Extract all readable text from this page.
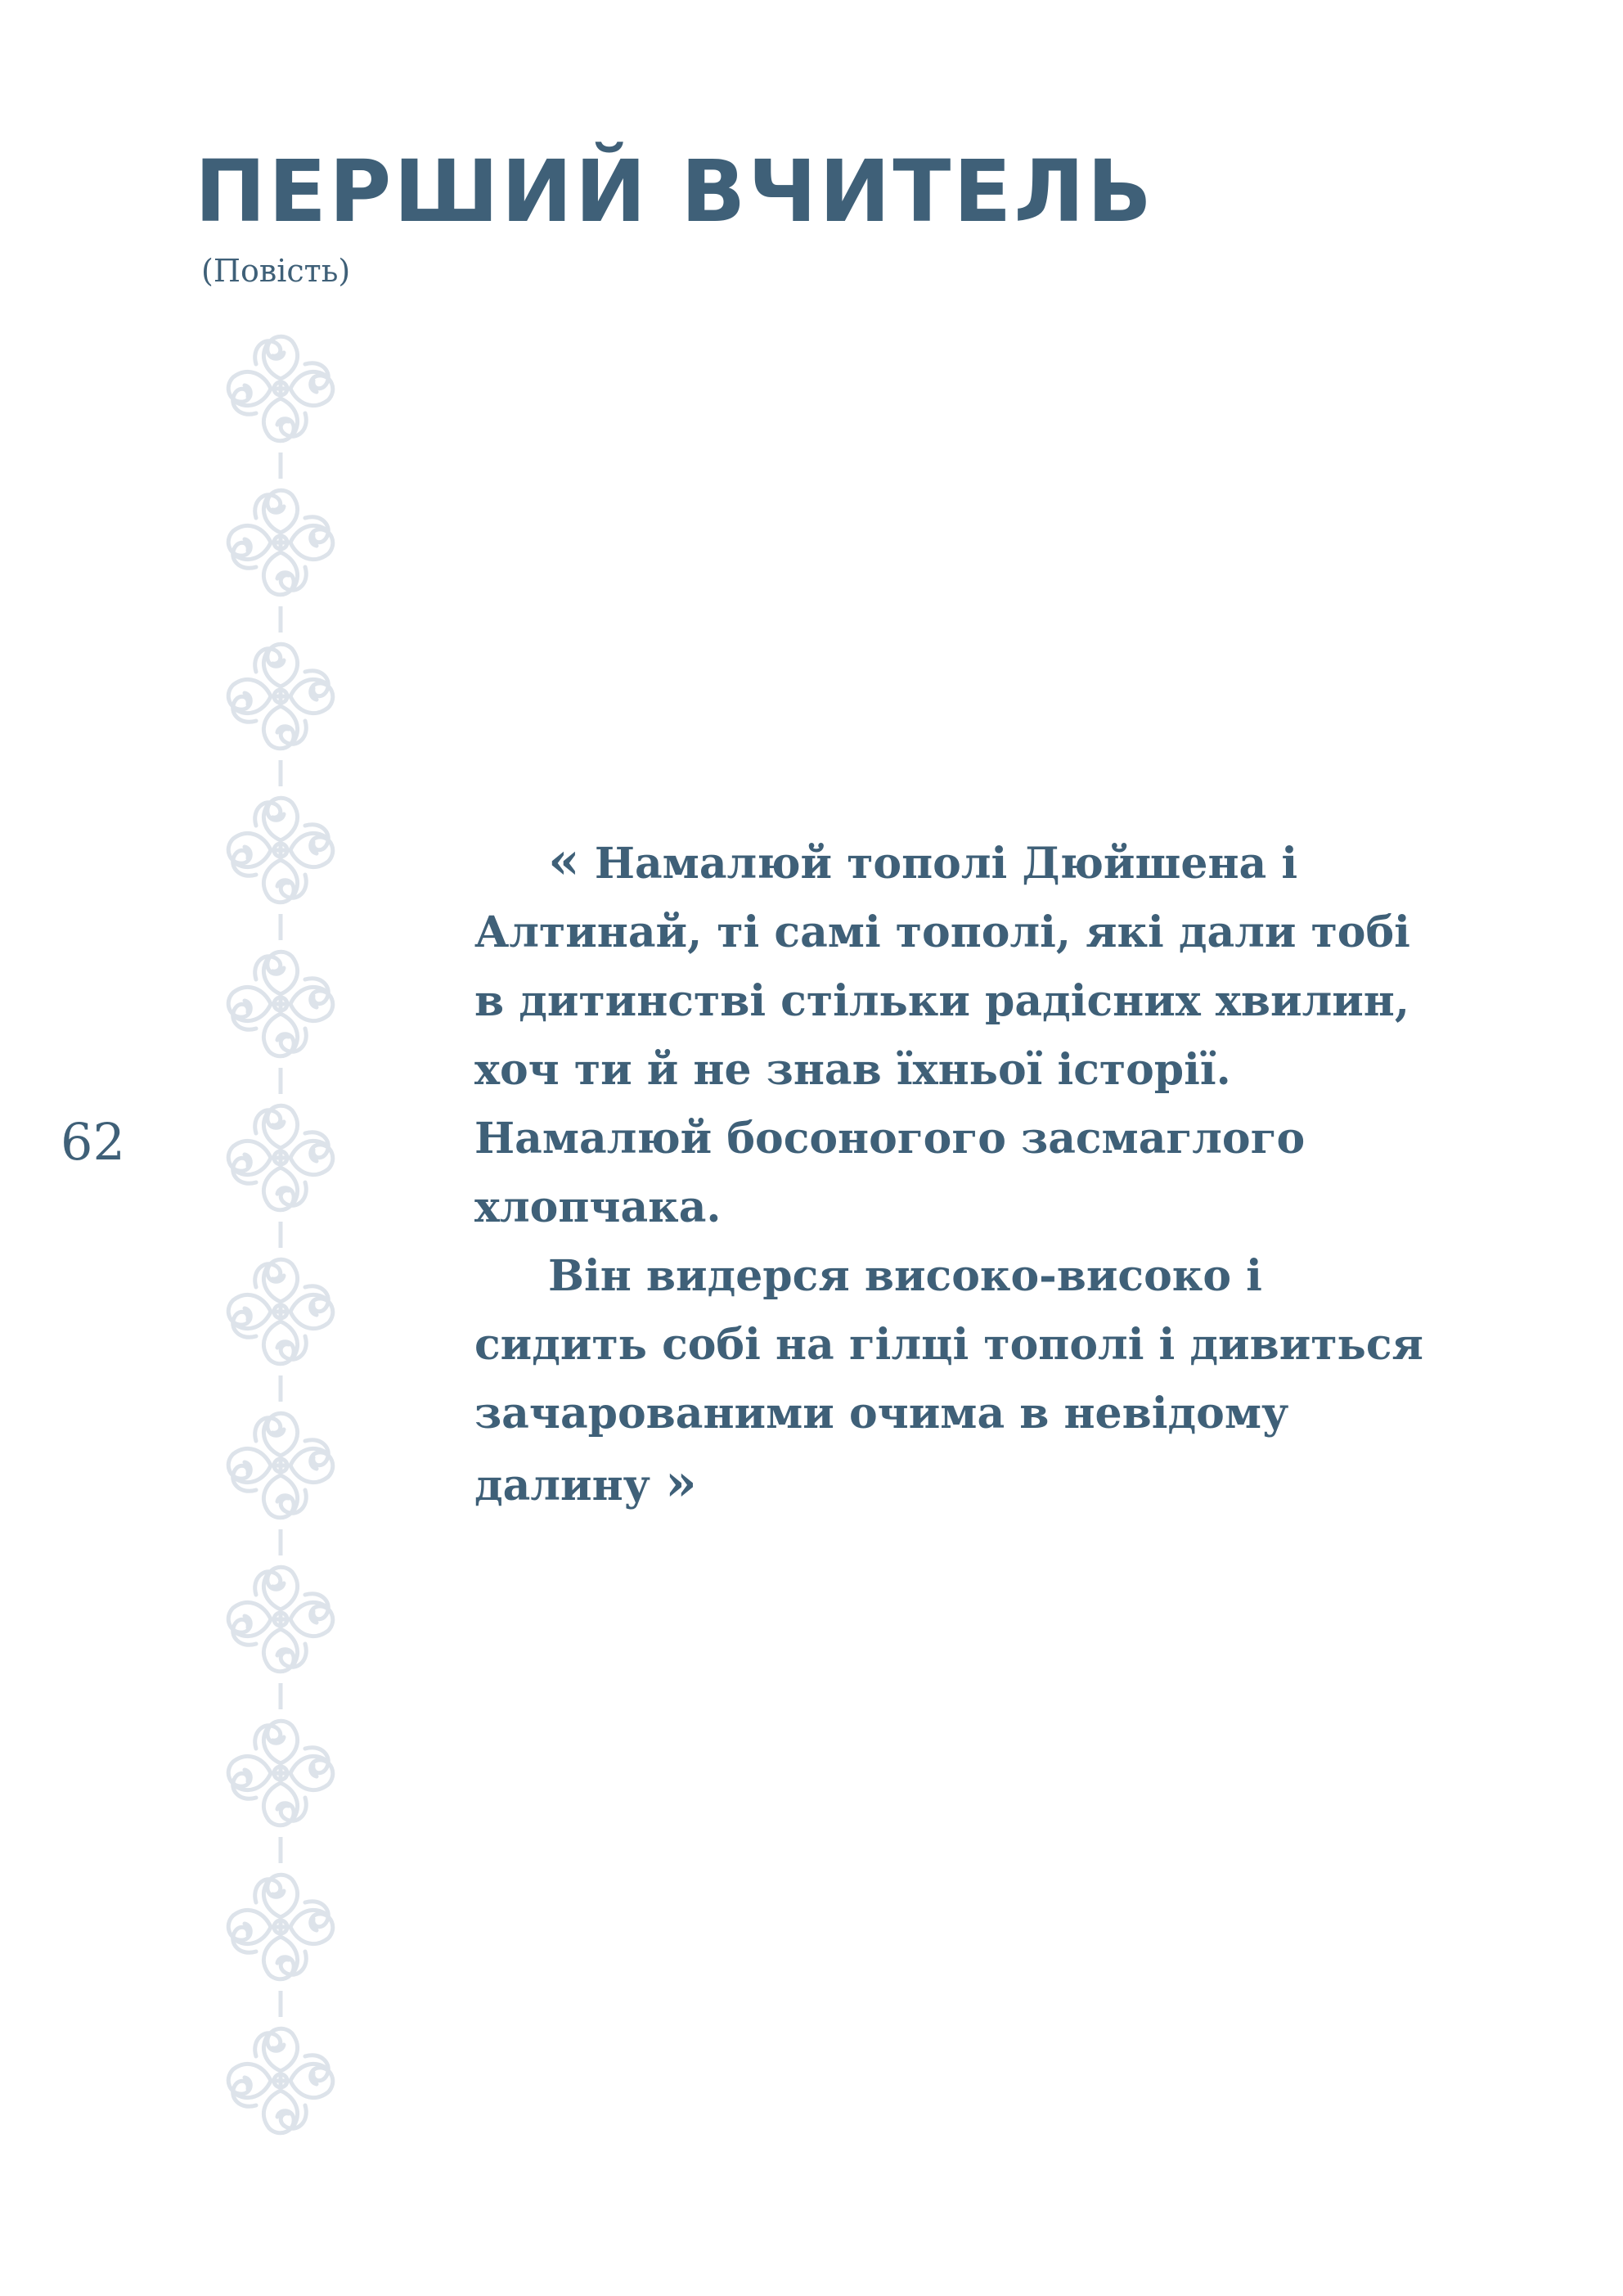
ПЕРШИЙ ВЧИТЕЛЬ
(Повість)
62

« Намалюй тополі Дюйшена і Алтинай, ті самі тополі, які дали тобі в дитинстві стільки радісних хвилин, хоч ти й не знав їхньої історії. Намалюй босоногого засмаглого хлопчака.

Він видерся високо-високо і сидить собі на гілці тополі і дивиться зачарованими очима в невідому далину »
